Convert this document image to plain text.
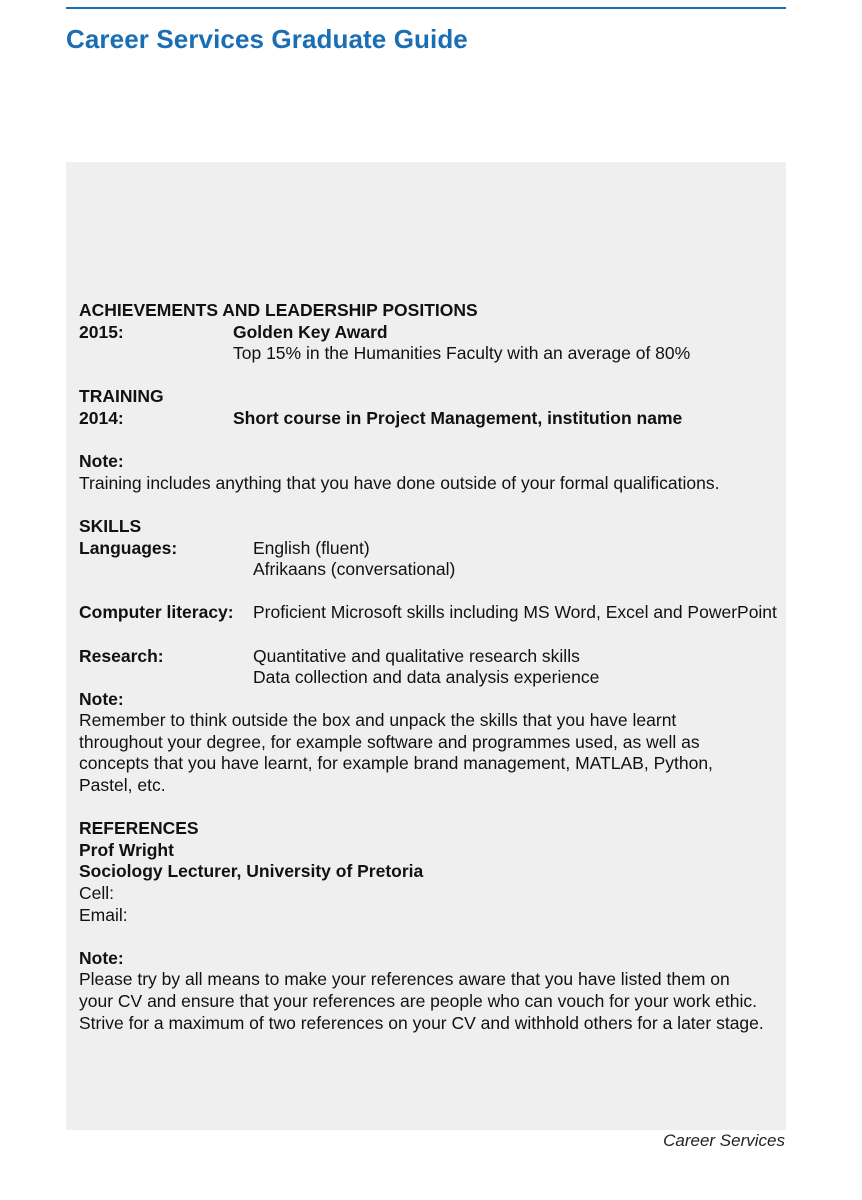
Career Services Graduate Guide
ACHIEVEMENTS AND LEADERSHIP POSITIONS
2015:	Golden Key Award
Top 15% in the Humanities Faculty with an average of 80%
TRAINING
2014:	Short course in Project Management, institution name
Note:
Training includes anything that you have done outside of your formal qualifications.
SKILLS
Languages:	English (fluent)
Afrikaans (conversational)
Computer literacy:	Proficient Microsoft skills including MS Word, Excel and PowerPoint
Research:	Quantitative and qualitative research skills
Data collection and data analysis experience
Note:
Remember to think outside the box and unpack the skills that you have learnt
throughout your degree, for example software and programmes used, as well as
concepts that you have learnt, for example brand management, MATLAB, Python,
Pastel, etc.
REFERENCES
Prof Wright
Sociology Lecturer, University of Pretoria
Cell:
Email:
Note:
Please try by all means to make your references aware that you have listed them on
your CV and ensure that your references are people who can vouch for your work ethic.
Strive for a maximum of two references on your CV and withhold others for a later stage.
Career Services
